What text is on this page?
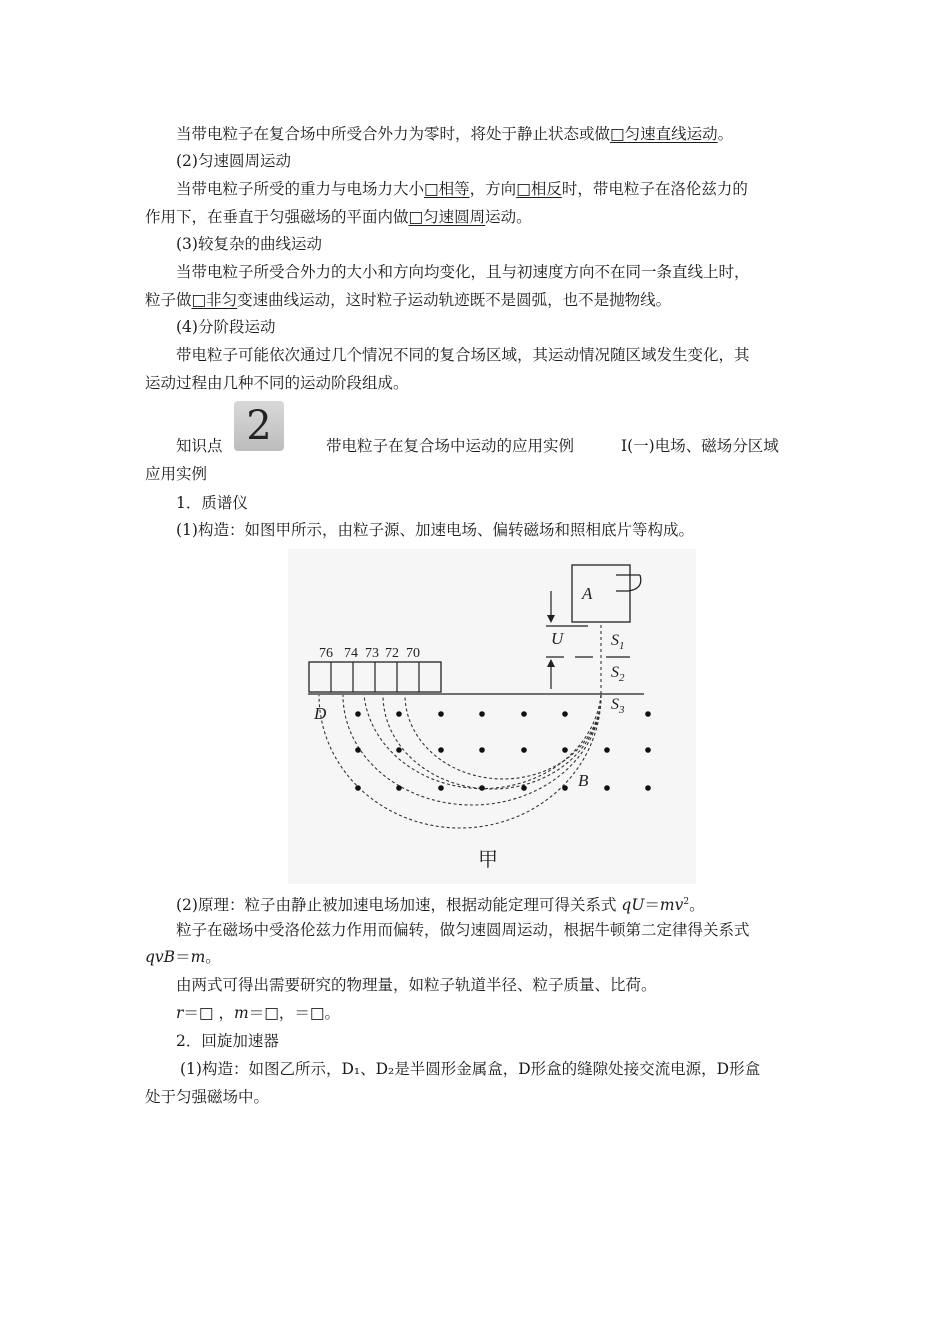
当带电粒子在复合场中所受合外力为零时，将处于静止状态或做□匀速直线运动。
(2)匀速圆周运动
当带电粒子所受的重力与电场力大小□相等，方向□相反时，带电粒子在洛伦兹力的
作用下，在垂直于匀强磁场的平面内做□匀速圆周运动。
(3)较复杂的曲线运动
当带电粒子所受合外力的大小和方向均变化，且与初速度方向不在同一条直线上时，
粒子做□非匀变速曲线运动，这时粒子运动轨迹既不是圆弧，也不是抛物线。
(4)分阶段运动
带电粒子可能依次通过几个情况不同的复合场区域，其运动情况随区域发生变化，其
运动过程由几种不同的运动阶段组成。
知识点 2	带电粒子在复合场中运动的应用实例	Ⅰ(一)电场、磁场分区域
应用实例
1．质谱仪
(1)构造：如图甲所示，由粒子源、加速电场、偏转磁场和照相底片等构成。
A
U	$S_1$
$S_2$
$S_3$
76 74 73 72 70
D
B
甲
(2)原理：粒子由静止被加速电场加速，根据动能定理可得关系式 $qU=mv^2$。
粒子在磁场中受洛伦兹力作用而偏转，做匀速圆周运动，根据牛顿第二定律得关系式
qvB＝m。
由两式可得出需要研究的物理量，如粒子轨道半径、粒子质量、比荷。
r＝□ ，m＝□，＝□。
2．回旋加速器
(1)构造：如图乙所示，D₁、D₂是半圆形金属盒，D形盒的缝隙处接交流电源，D形盒
处于匀强磁场中。
